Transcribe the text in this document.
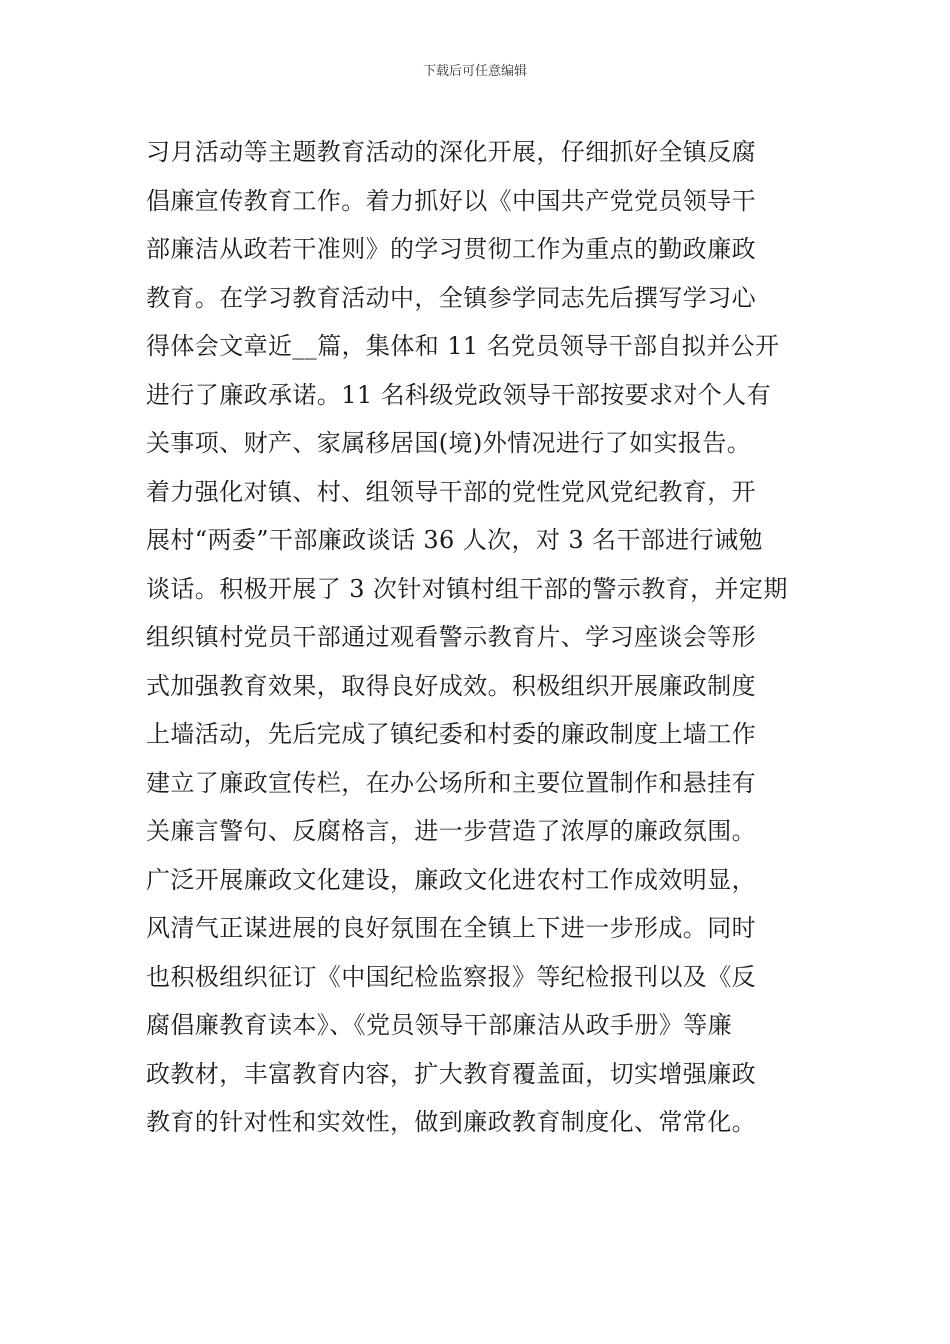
下载后可任意编辑
习月活动等主题教育活动的深化开展，仔细抓好全镇反腐
倡廉宣传教育工作。着力抓好以《中国共产党党员领导干
部廉洁从政若干准则》的学习贯彻工作为重点的勤政廉政
教育。在学习教育活动中，全镇参学同志先后撰写学习心
得体会文章近__篇，集体和 11 名党员领导干部自拟并公开
进行了廉政承诺。11 名科级党政领导干部按要求对个人有
关事项、财产、家属移居国(境)外情况进行了如实报告。
着力强化对镇、村、组领导干部的党性党风党纪教育，开
展村“两委”干部廉政谈话 36 人次，对 3 名干部进行诫勉
谈话。积极开展了 3 次针对镇村组干部的警示教育，并定期
组织镇村党员干部通过观看警示教育片、学习座谈会等形
式加强教育效果，取得良好成效。积极组织开展廉政制度
上墙活动，先后完成了镇纪委和村委的廉政制度上墙工作
建立了廉政宣传栏，在办公场所和主要位置制作和悬挂有
关廉言警句、反腐格言，进一步营造了浓厚的廉政氛围。
广泛开展廉政文化建设，廉政文化进农村工作成效明显，
风清气正谋进展的良好氛围在全镇上下进一步形成。同时
也积极组织征订《中国纪检监察报》等纪检报刊以及《反
腐倡廉教育读本》、《党员领导干部廉洁从政手册》等廉
政教材，丰富教育内容，扩大教育覆盖面，切实增强廉政
教育的针对性和实效性，做到廉政教育制度化、常常化。
